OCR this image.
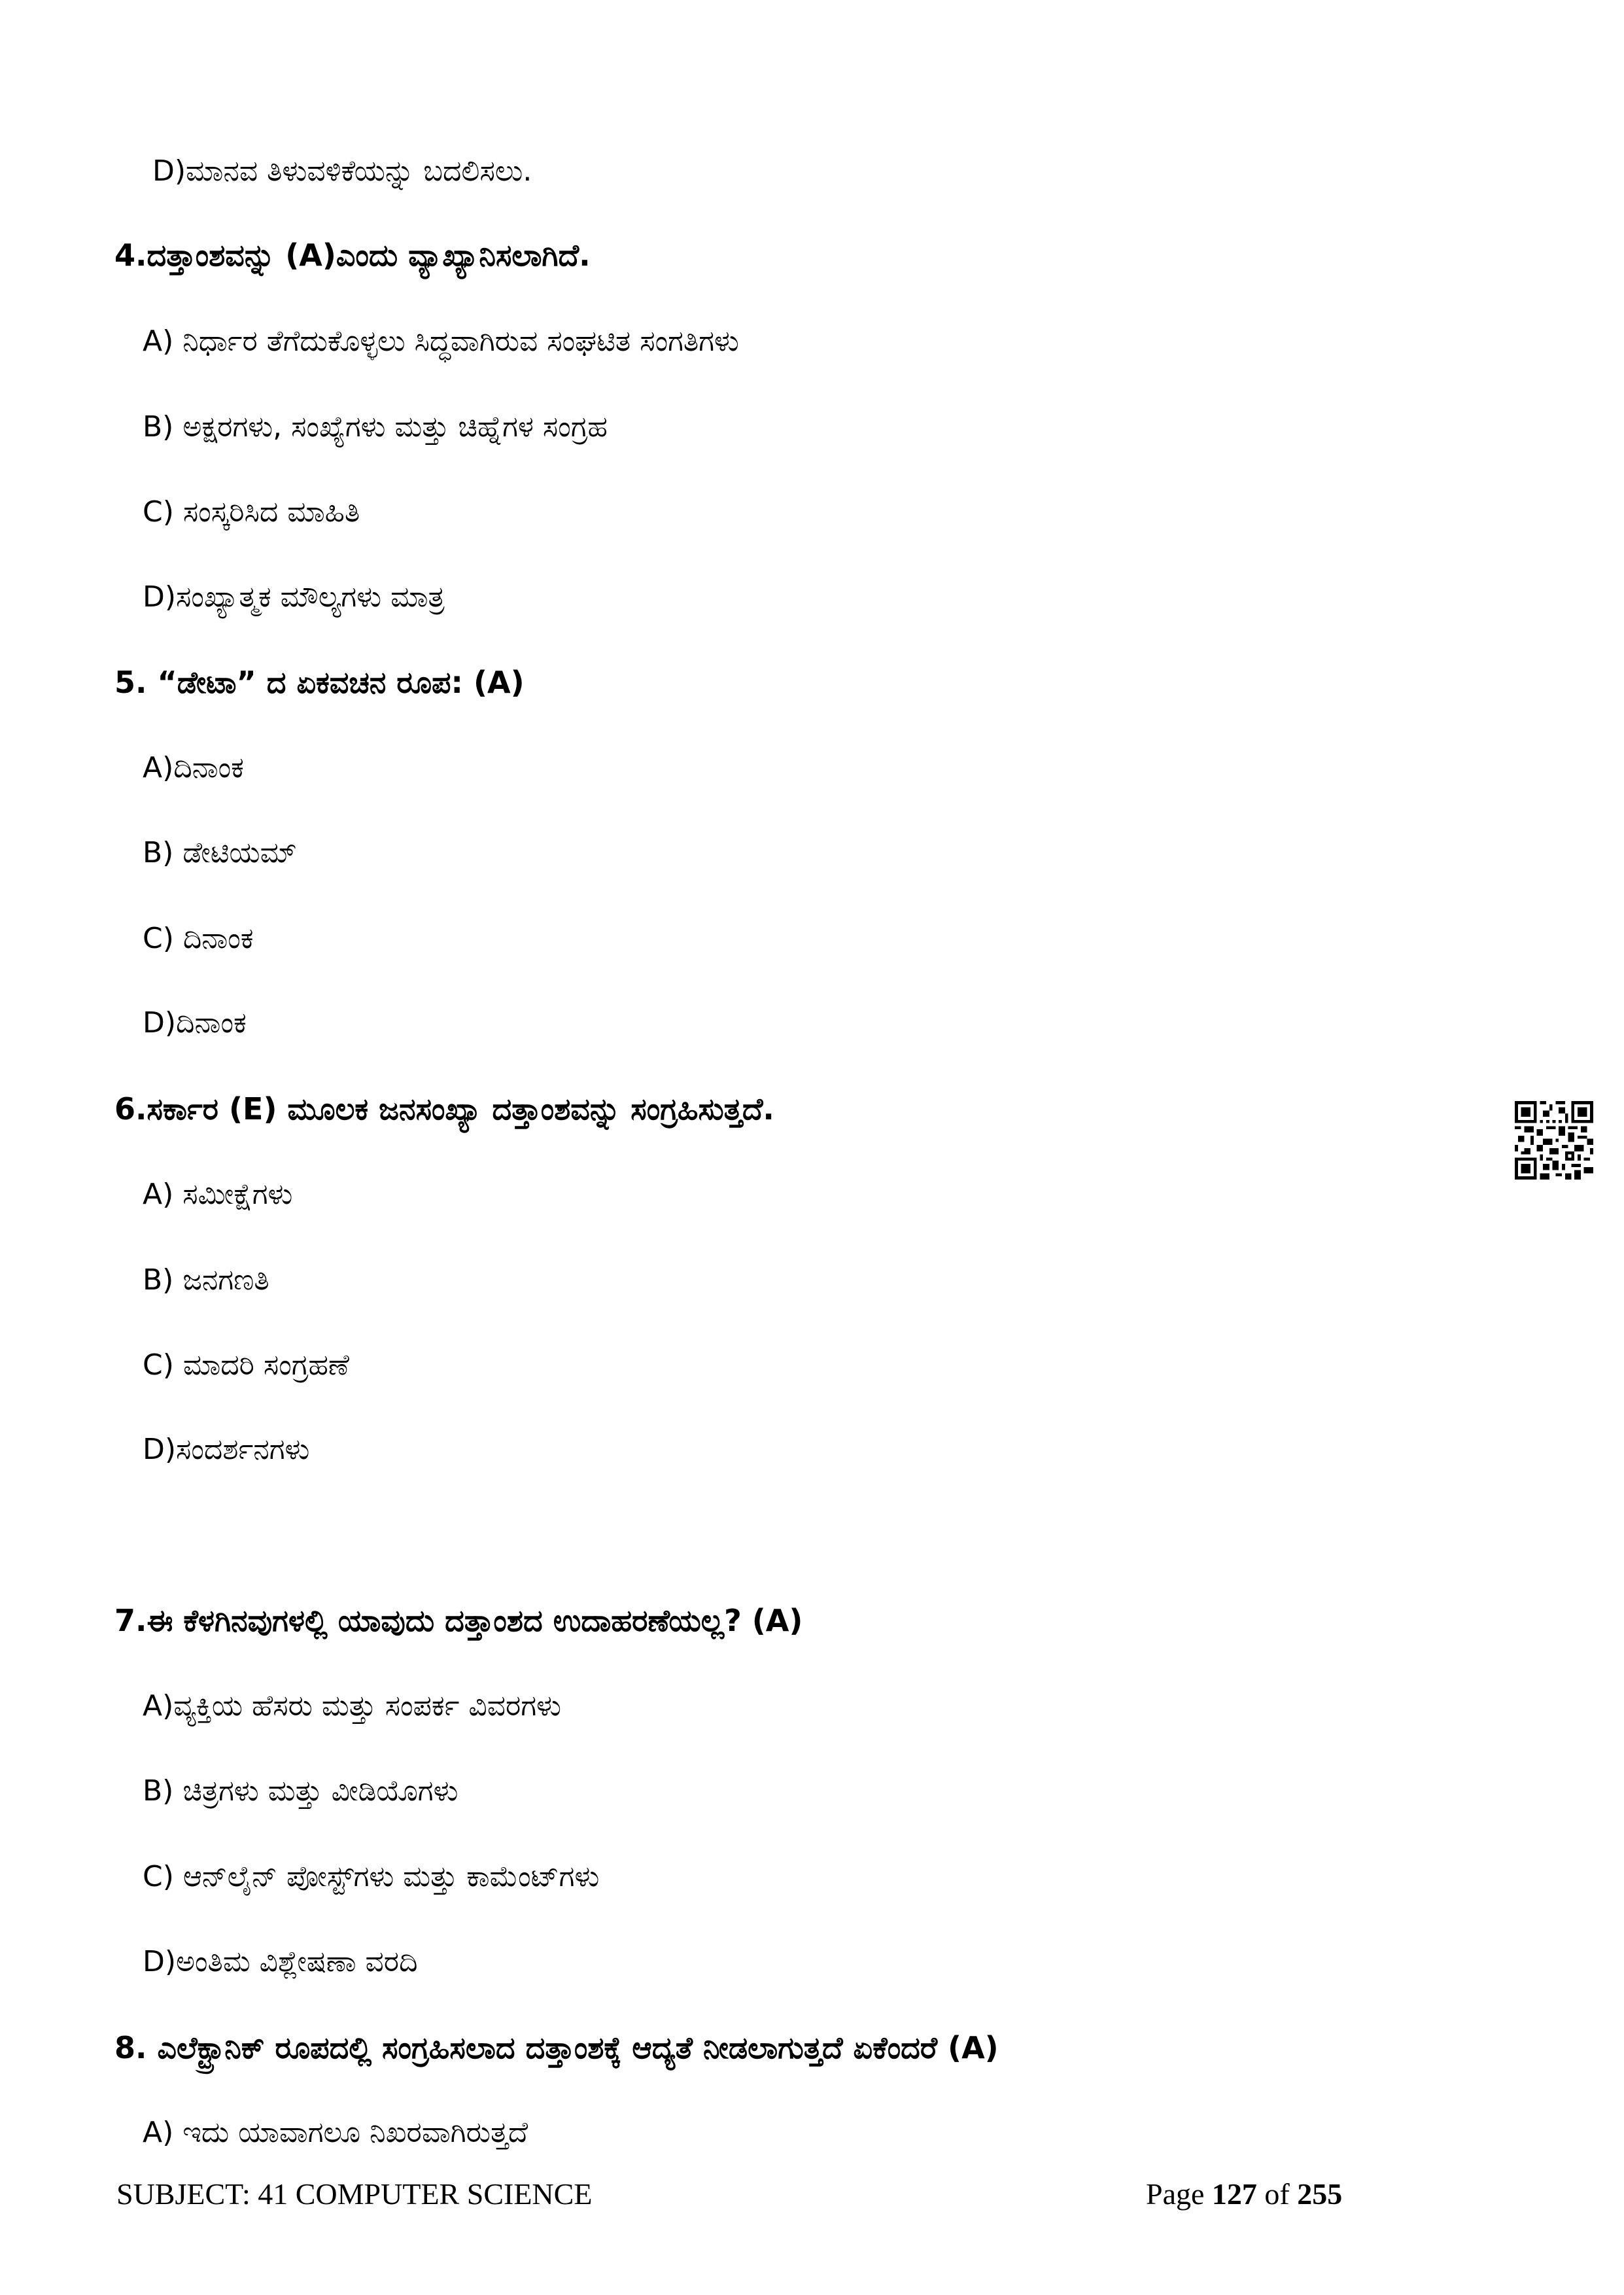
D)ಮಾನವ ತಿಳುವಳಿಕೆಯನ್ನು ಬದಲಿಸಲು.
4.ದತ್ತಾಂಶವನ್ನು (A)ಎಂದು ವ್ಯಾಖ್ಯಾನಿಸಲಾಗಿದೆ.
A) ನಿರ್ಧಾರ ತೆಗೆದುಕೊಳ್ಳಲು ಸಿದ್ಧವಾಗಿರುವ ಸಂಘಟಿತ ಸಂಗತಿಗಳು
B) ಅಕ್ಷರಗಳು, ಸಂಖ್ಯೆಗಳು ಮತ್ತು ಚಿಹ್ನೆಗಳ ಸಂಗ್ರಹ
C) ಸಂಸ್ಕರಿಸಿದ ಮಾಹಿತಿ
D)ಸಂಖ್ಯಾತ್ಮಕ ಮೌಲ್ಯಗಳು ಮಾತ್ರ
5. “ಡೇಟಾ” ದ ಏಕವಚನ ರೂಪ: (A)
A)ದಿನಾಂಕ
B) ಡೇಟಿಯಮ್
C) ದಿನಾಂಕ
D)ದಿನಾಂಕ
6.ಸರ್ಕಾರ (E) ಮೂಲಕ ಜನಸಂಖ್ಯಾ ದತ್ತಾಂಶವನ್ನು ಸಂಗ್ರಹಿಸುತ್ತದೆ.
A) ಸಮೀಕ್ಷೆಗಳು
B) ಜನಗಣತಿ
C) ಮಾದರಿ ಸಂಗ್ರಹಣೆ
D)ಸಂದರ್ಶನಗಳು
7.ಈ ಕೆಳಗಿನವುಗಳಲ್ಲಿ ಯಾವುದು ದತ್ತಾಂಶದ ಉದಾಹರಣೆಯಲ್ಲ? (A)
A)ವ್ಯಕ್ತಿಯ ಹೆಸರು ಮತ್ತು ಸಂಪರ್ಕ ವಿವರಗಳು
B) ಚಿತ್ರಗಳು ಮತ್ತು ವೀಡಿಯೊಗಳು
C) ಆನ್‌ಲೈನ್ ಪೋಸ್ಟ್‌ಗಳು ಮತ್ತು ಕಾಮೆಂಟ್‌ಗಳು
D)ಅಂತಿಮ ವಿಶ್ಲೇಷಣಾ ವರದಿ
8. ಎಲೆಕ್ಟ್ರಾನಿಕ್ ರೂಪದಲ್ಲಿ ಸಂಗ್ರಹಿಸಲಾದ ದತ್ತಾಂಶಕ್ಕೆ ಆದ್ಯತೆ ನೀಡಲಾಗುತ್ತದೆ ಏಕೆಂದರೆ (A)
A) ಇದು ಯಾವಾಗಲೂ ನಿಖರವಾಗಿರುತ್ತದೆ
SUBJECT: 41 COMPUTER SCIENCE	Page 127 of 255
